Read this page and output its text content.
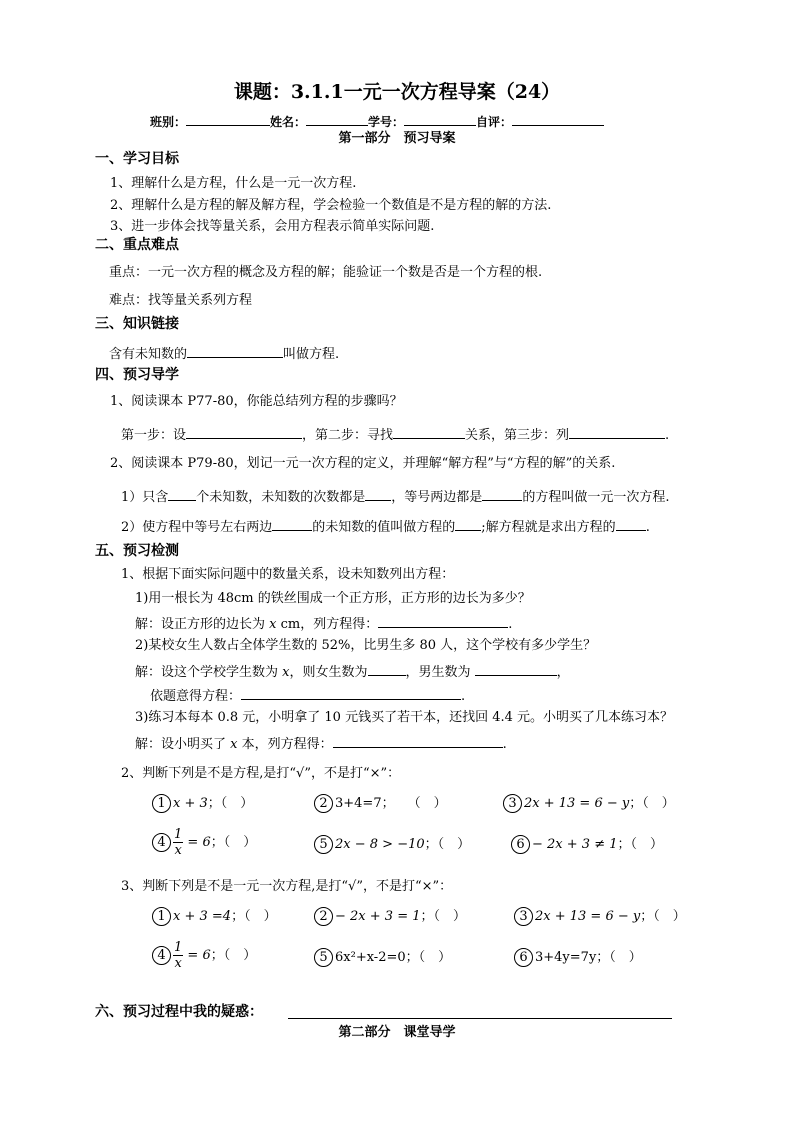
课题：3.1.1一元一次方程导案（24）
班别：	姓名：	学号：	自评：
第一部分　预习导案
一、学习目标
1、理解什么是方程，什么是一元一次方程.
2、理解什么是方程的解及解方程，学会检验一个数值是不是方程的解的方法.
3、进一步体会找等量关系，会用方程表示简单实际问题.
二、重点难点
重点：一元一次方程的概念及方程的解；能验证一个数是否是一个方程的根.
难点：找等量关系列方程
三、知识链接
含有未知数的	叫做方程.
四、预习导学
1、阅读课本 P77-80，你能总结列方程的步骤吗？
第一步：设	，第二步：寻找	关系，第三步：列	.
2、阅读课本 P79-80，划记一元一次方程的定义，并理解“解方程”与“方程的解”的关系.
1）只含 个未知数，未知数的次数都是 ，等号两边都是	的方程叫做一元一次方程.
2）使方程中等号左右两边	的未知数的值叫做方程的 ;解方程就是求出方程的 .
五、预习检测
1、根据下面实际问题中的数量关系，设未知数列出方程：
1)用一根长为 48cm 的铁丝围成一个正方形，正方形的边长为多少？
解：设正方形的边长为 x cm，列方程得：	.
2)某校女生人数占全体学生数的 52%，比男生多 80 人，这个学校有多少学生？
解：设这个学校学生数为 x，则女生数为	，男生数为	，
依题意得方程：	.
3)练习本每本 0.8 元，小明拿了 10 元钱买了若干本，还找回 4.4 元。小明买了几本练习本？
解：设小明买了 x 本，列方程得：	.
2、判断下列是不是方程,是打“√”，不是打“×”：
1 x + 3；（　）	2 3+4=7；　　（　）	3 2x + 13 = 6 − y；（　）
$4 \frac{1}{x} = 6$；（　）	5 2x − 8 > −10；（　）	6 − 2x + 3 ≠ 1；（　）
3、判断下列是不是一元一次方程,是打“√”，不是打“×”：
1 x + 3 =4；（　）	2 − 2x + 3 = 1；（　）	3 2x + 13 = 6 − y；（　）
$4 \frac{1}{x} = 6$；（　）	5 6x²+x-2=0；（　）	6 3+4y=7y；（　）
六、预习过程中我的疑惑：
第二部分　课堂导学
